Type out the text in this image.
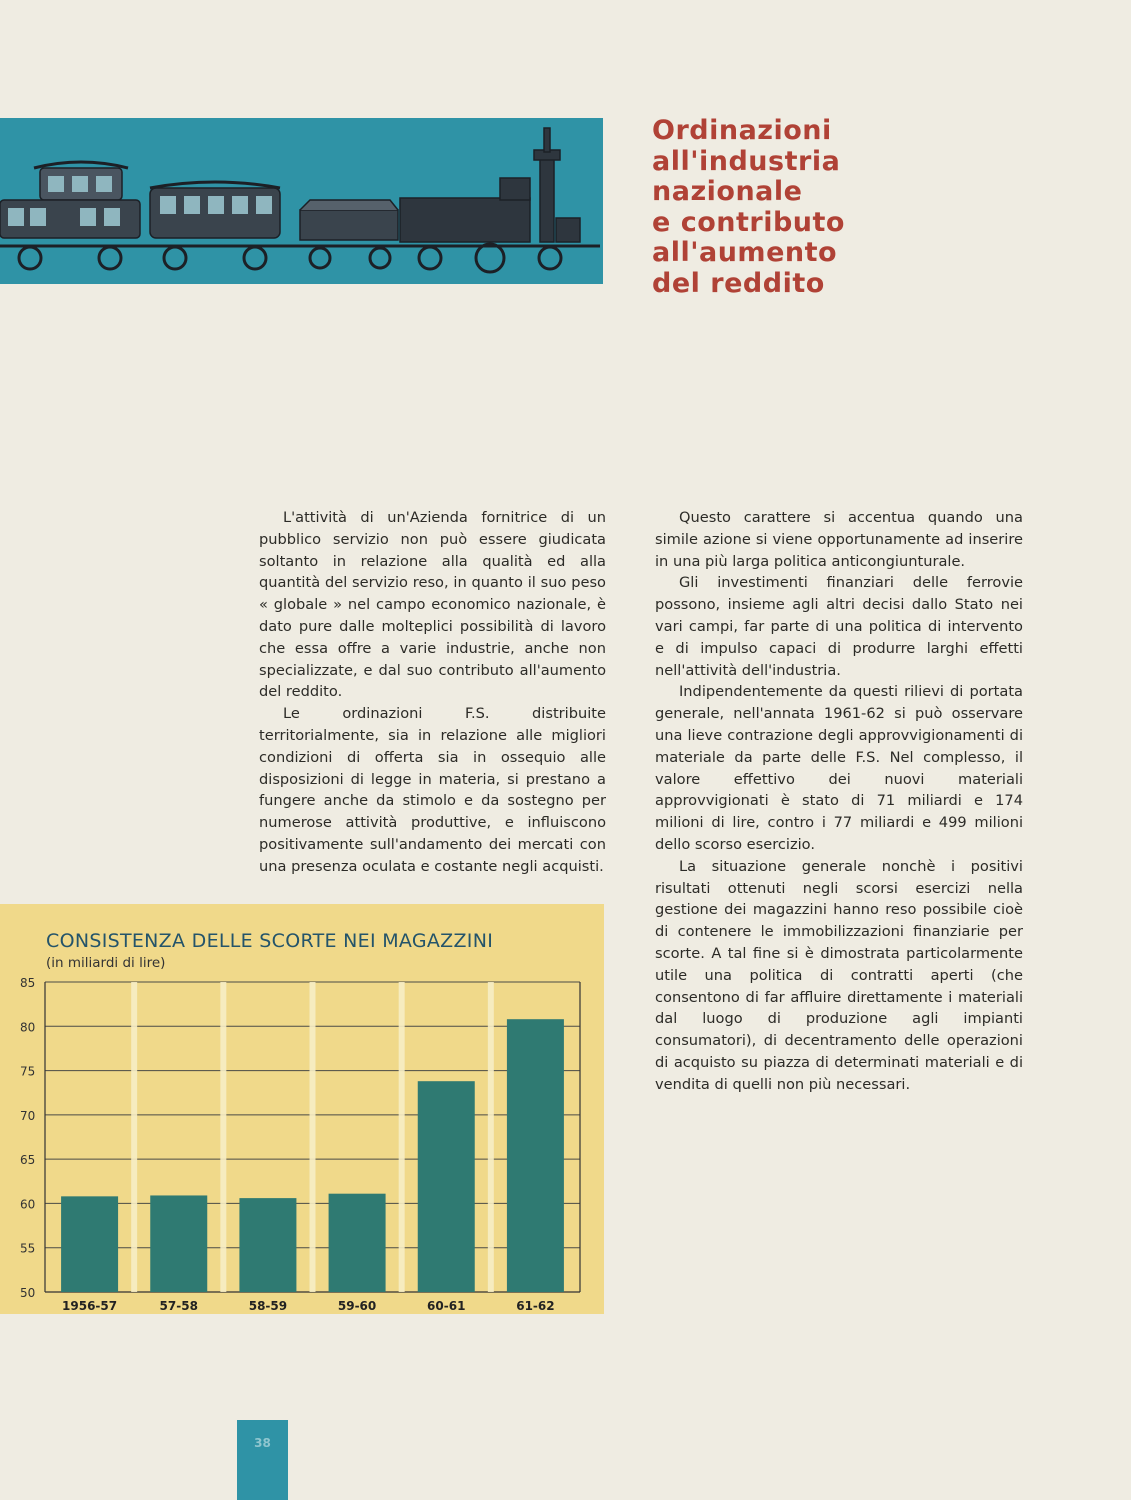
Ordinazioni
all'industria
nazionale
e contributo
all'aumento
del reddito

L'attività di un'Azienda fornitrice di un pubblico servizio non può essere giudicata soltanto in relazione alla qualità ed alla quantità del servizio reso, in quanto il suo peso « globale » nel campo economico nazionale, è dato pure dalle molteplici possibilità di lavoro che essa offre a varie industrie, anche non specializzate, e dal suo contributo all'aumento del reddito.

Le ordinazioni F.S. distribuite territorialmente, sia in relazione alle migliori condizioni di offerta sia in ossequio alle disposizioni di legge in materia, si prestano a fungere anche da stimolo e da sostegno per numerose attività produttive, e influiscono positivamente sull'andamento dei mercati con una presenza oculata e costante negli acquisti.

Questo carattere si accentua quando una simile azione si viene opportunamente ad inserire in una più larga politica anticongiunturale.

Gli investimenti finanziari delle ferrovie possono, insieme agli altri decisi dallo Stato nei vari campi, far parte di una politica di intervento e di impulso capaci di produrre larghi effetti nell'attività dell'industria.

Indipendentemente da questi rilievi di portata generale, nell'annata 1961-62 si può osservare una lieve contrazione degli approvvigionamenti di materiale da parte delle F.S. Nel complesso, il valore effettivo dei nuovi materiali approvvigionati è stato di 71 miliardi e 174 milioni di lire, contro i 77 miliardi e 499 milioni dello scorso esercizio.

La situazione generale nonchè i positivi risultati ottenuti negli scorsi esercizi nella gestione dei magazzini hanno reso possibile cioè di contenere le immobilizzazioni finanziarie per scorte. A tal fine si è dimostrata particolarmente utile una politica di contratti aperti (che consentono di far affluire direttamente i materiali dal luogo di produzione agli impianti consumatori), di decentramento delle operazioni di acquisto su piazza di determinati materiali e di vendita di quelli non più necessari.

50
55
60
65
70
75
80
85
1956-57	57-58	58-59	59-60	60-61	61-62
CONSISTENZA DELLE SCORTE NEI MAGAZZINI
(in miliardi di lire)
38
